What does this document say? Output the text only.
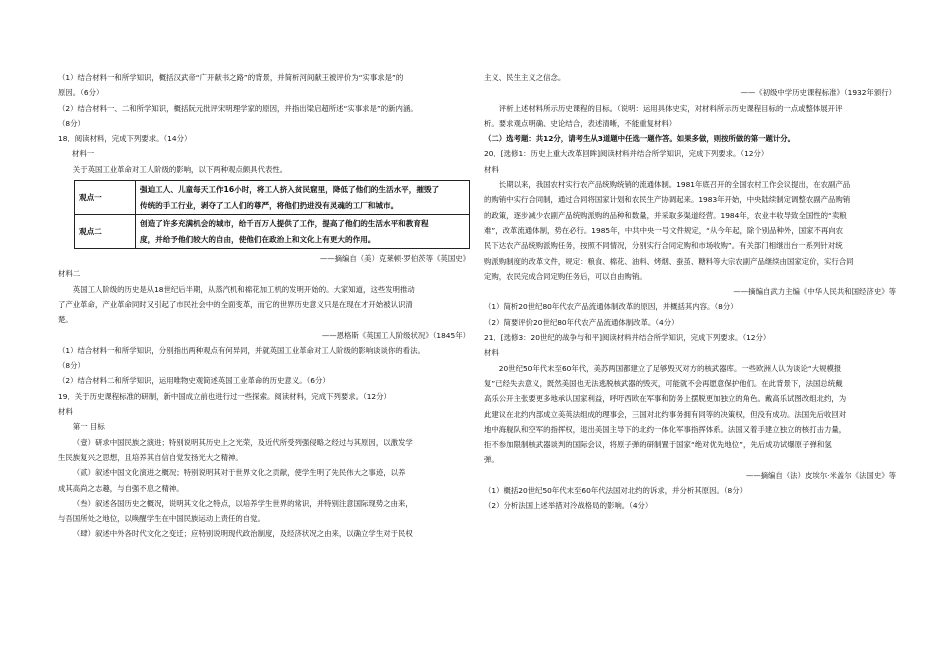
（1）结合材料一和所学知识，概括汉武帝“广开献书之路”的背景，并简析河间献王被评价为“实事求是”的
原因。（6分）
（2）结合材料一、二和所学知识，概括阮元批评宋明理学家的原因，并指出梁启超所述“实事求是”的新内涵。
（8分）
18．阅读材料，完成下列要求。（14分）
材料一
关于英国工业革命对工人阶级的影响，以下两种观点颇具代表性。
观点一	强迫工人、儿童每天工作16小时，将工人挤入贫民窟里，降低了他们的生活水平，摧毁了
传统的手工行业，剥夺了工人们的尊严，将他们扔进没有灵魂的工厂和城市。

观点二	创造了许多充满机会的城市，给千百万人提供了工作，提高了他们的生活水平和教育程
度，并给予他们较大的自由，使他们在政治上和文化上有更大的作用。
——摘编自（美）克莱顿·罗伯茨等《英国史》
材料二
英国工人阶级的历史是从18世纪后半期，从蒸汽机和棉花加工机的发明开始的。大家知道，这些发明推动
了产业革命，产业革命同时又引起了市民社会中的全面变革，而它的世界历史意义只是在现在才开始被认识清
楚。
——恩格斯《英国工人阶级状况》（1845年）
（1）结合材料一和所学知识，分别指出两种观点有何异同，并就英国工业革命对工人阶级的影响谈谈你的看法。
（8分）
（2）结合材料二和所学知识，运用唯物史观简述英国工业革命的历史意义。（6分）
19．关于历史课程标准的研制，新中国成立前也进行过一些探索。阅读材料，完成下列要求。（12分）
材料
第一 目标
（壹）研求中国民族之演进；特别说明其历史上之光荣，及近代所受列强侵略之经过与其原因，以激发学
生民族复兴之思想，且培养其自信自觉发扬光大之精神。
（贰）叙述中国文化演进之概况；特别说明其对于世界文化之贡献，使学生明了先民伟大之事迹，以养
成其高尚之志趣，与自强不息之精神。
（叁）叙述各国历史之概况，说明其文化之特点，以培养学生世界的常识，并特别注意国际现势之由来，
与吾国所处之地位，以唤醒学生在中国民族运动上责任的自觉。
（肆）叙述中外各时代文化之变迁；应特别说明现代政治制度，及经济状况之由来，以确立学生对于民权
主义、民生主义之信念。
——《初级中学历史课程标准》（1932年颁行）
评析上述材料所示历史课程的目标。（说明：运用具体史实，对材料所示历史课程目标的一点或整体展开评
析。要求观点明确、史论结合，表述清晰，不能重复材料）
（二）选考题：共12分，请考生从3道题中任选一题作答。如果多做，则按所做的第一题计分。
20．[选修1：历史上重大改革回眸]阅读材料并结合所学知识，完成下列要求。（12分）
材料
长期以来，我国农村实行农产品统购统销的流通体制。1981年底召开的全国农村工作会议提出，在农副产品
的购销中实行合同制，通过合同将国家计划和农民生产协调起来。1983年开始，中央陆续制定调整农副产品购销
的政策，逐步减少农副产品统购派购的品种和数量，并采取多渠道经营。1984年，农业丰收导致全国性的“卖粮
难”，改革流通体制，势在必行。1985年，中共中央一号文件规定，“从今年起，除个别品种外，国家不再向农
民下达农产品统购派购任务，按照不同情况，分别实行合同定购和市场收购”。有关部门相继出台一系列针对统
购派购制度的改革文件，规定：粮食、棉花、油料、烤烟、蚕茧、糖料等大宗农副产品继续由国家定价，实行合同
定购，农民完成合同定购任务后，可以自由购销。
——摘编自武力主编《中华人民共和国经济史》等
（1）简析20世纪80年代农产品流通体制改革的原因，并概括其内容。（8分）
（2）简要评价20世纪80年代农产品流通体制改革。（4分）
21．[选修3：20世纪的战争与和平]阅读材料并结合所学知识，完成下列要求。（12分）
材料
20世纪50年代末至60年代，美苏两国都建立了足够毁灭对方的核武器库。一些欧洲人认为谈论“大规模报
复”已经失去意义，既然美国也无法逃脱核武器的毁灭，可能就不会再愿意保护他们。在此背景下，法国总统戴
高乐公开主张要更多地承认国家利益，呼吁西欧在军事和防务上摆脱更加独立的角色。戴高乐试图改组北约，为
此建议在北约内部成立美英法组成的理事会，三国对北约事务拥有同等的决策权，但没有成功。法国先后收回对
地中海舰队和空军的指挥权，退出美国主导下的北约一体化军事指挥体系。法国又着手建立独立的核打击力量，
拒不参加限制核武器谈判的国际会议，将原子弹的研制置于国家“绝对优先地位”，先后成功试爆原子弹和氢
弹。
——摘编自（法）皮埃尔·米盖尔《法国史》等
（1）概括20世纪50年代末至60年代法国对北约的诉求，并分析其原因。（8分）
（2）分析法国上述举措对冷战格局的影响。（4分）
